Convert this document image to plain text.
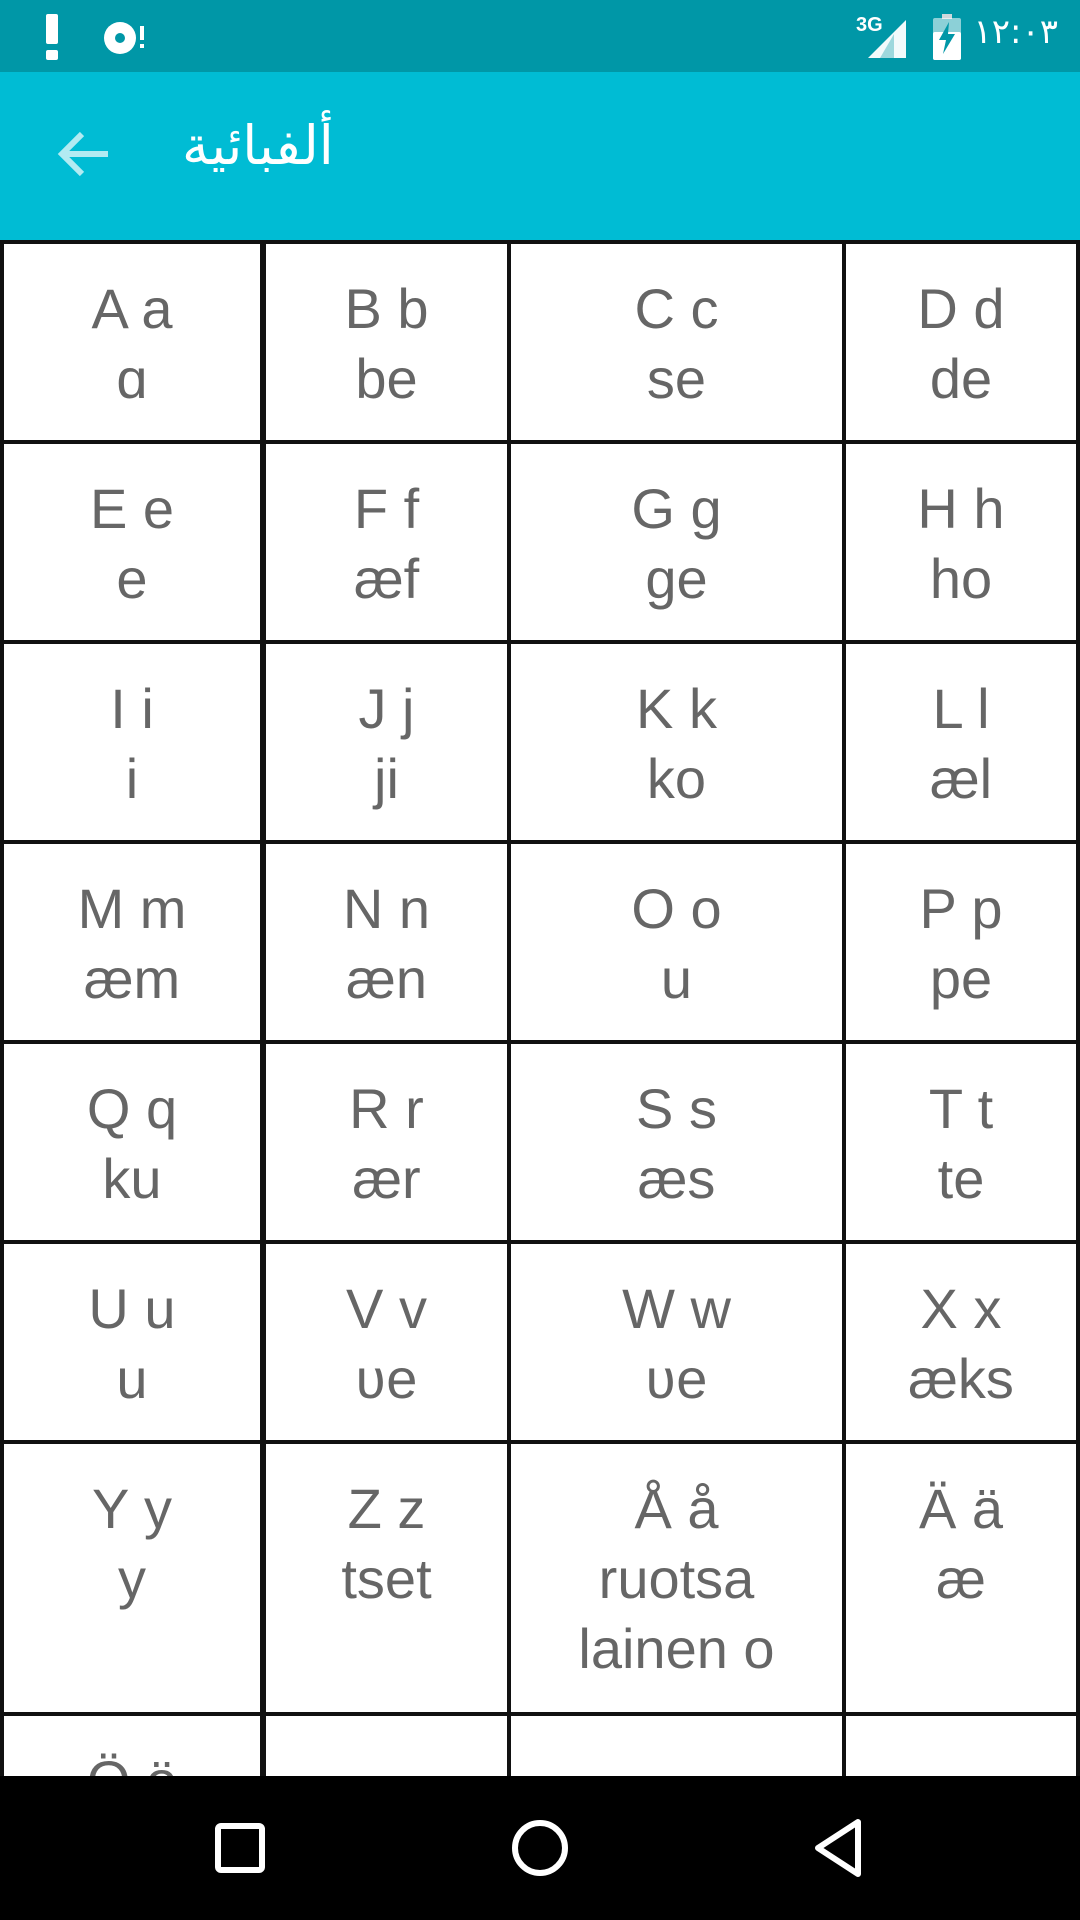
3G	١٢:٠٣
ألفبائية
A a
ɑ
B b
be
C c
se
D d
de
E e
e
F f
æf
G g
ge
H h
ho
I i
i
J j
ji
K k
ko
L l
æl
M m
æm
N n
æn
O o
u
P p
pe
Q q
ku
R r
ær
S s
æs
T t
te
U u
u
V v
ʋe
W w
ʋe
X x
æks
Y y
y
Z z
tset
Å å
ruotsa
lainen o
Ä ä
æ
